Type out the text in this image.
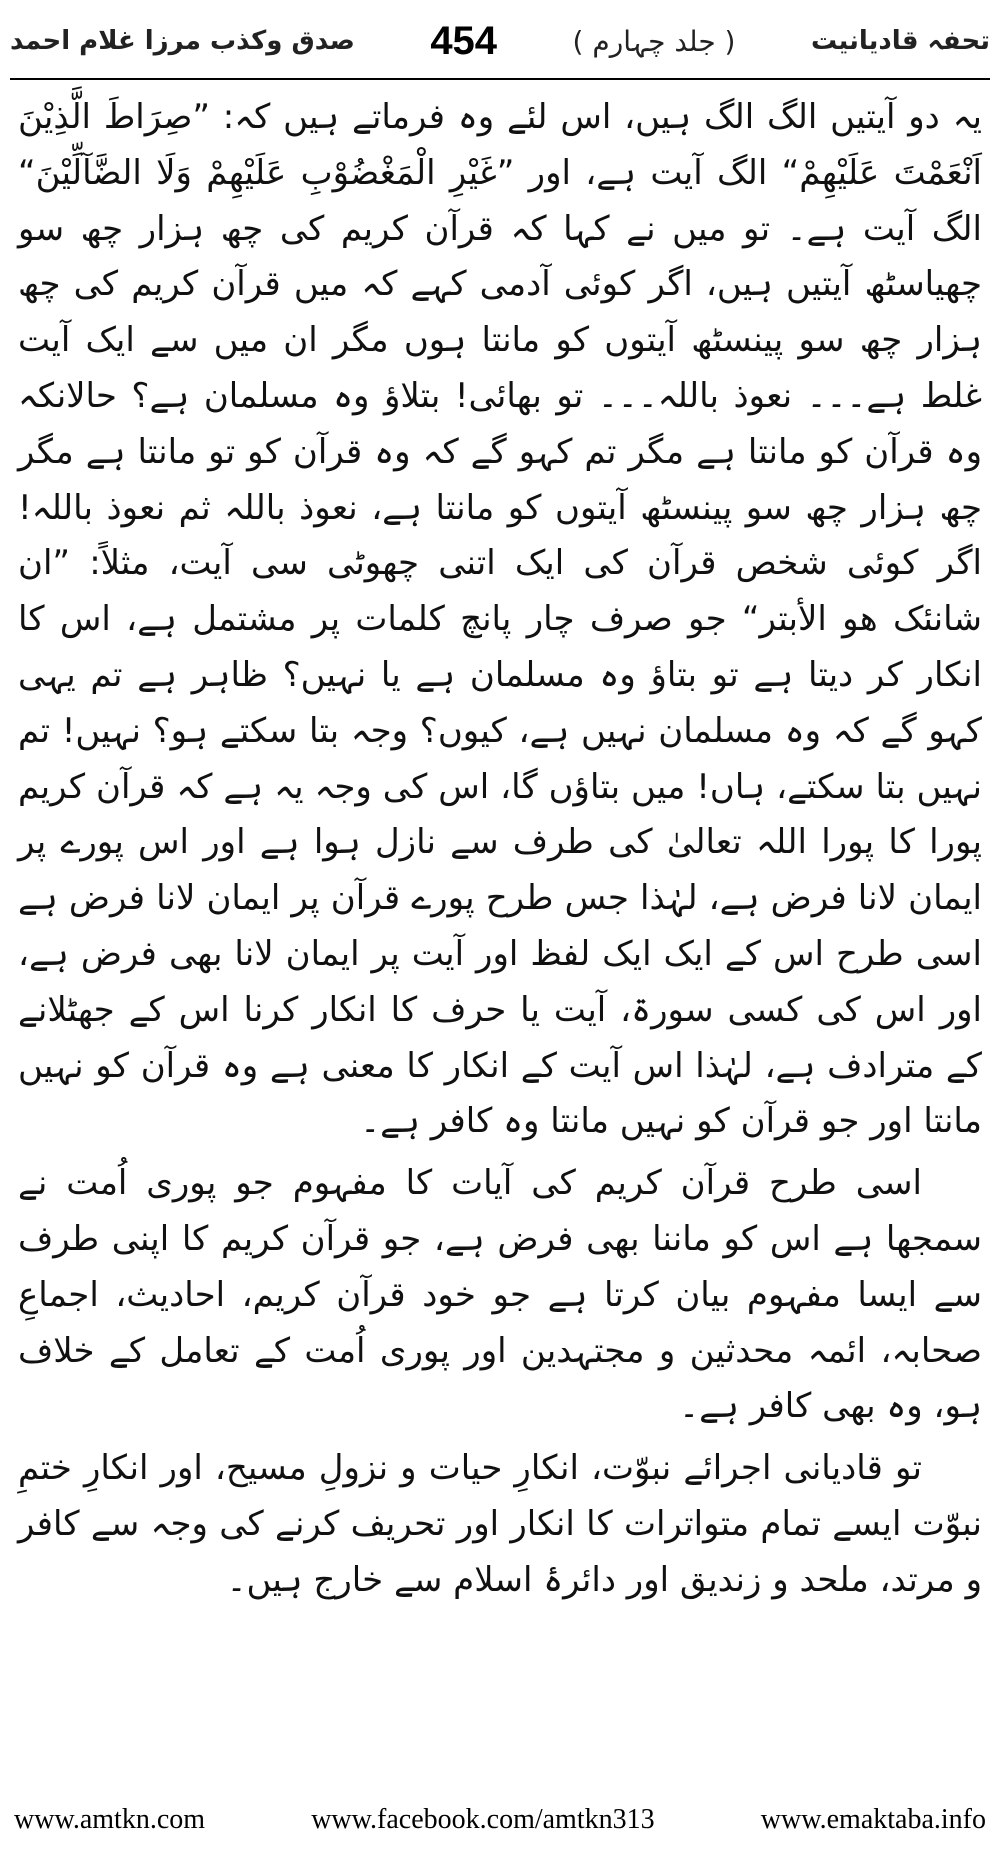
صدق وکذب مرزا غلام احمد 454	( جلد چہارم )	تحفہ قادیانیت

یہ دو آیتیں الگ الگ ہیں، اس لئے وہ فرماتے ہیں کہ: ”صِرَاطَ الَّذِیْنَ اَنْعَمْتَ عَلَیْھِمْ“ الگ آیت ہے، اور ”غَیْرِ الْمَغْضُوْبِ عَلَیْھِمْ وَلَا الضَّآلِّیْنَ“ الگ آیت ہے۔ تو میں نے کہا کہ قرآن کریم کی چھ ہزار چھ سو چھیاسٹھ آیتیں ہیں، اگر کوئی آدمی کہے کہ میں قرآن کریم کی چھ ہزار چھ سو پینسٹھ آیتوں کو مانتا ہوں مگر ان میں سے ایک آیت غلط ہے۔۔۔ نعوذ باللہ۔۔۔ تو بھائی! بتلاؤ وہ مسلمان ہے؟ حالانکہ وہ قرآن کو مانتا ہے مگر تم کہو گے کہ وہ قرآن کو تو مانتا ہے مگر چھ ہزار چھ سو پینسٹھ آیتوں کو مانتا ہے، نعوذ باللہ ثم نعوذ باللہ! اگر کوئی شخص قرآن کی ایک اتنی چھوٹی سی آیت، مثلاً: ”ان شانئک ھو الأبتر“ جو صرف چار پانچ کلمات پر مشتمل ہے، اس کا انکار کر دیتا ہے تو بتاؤ وہ مسلمان ہے یا نہیں؟ ظاہر ہے تم یہی کہو گے کہ وہ مسلمان نہیں ہے، کیوں؟ وجہ بتا سکتے ہو؟ نہیں! تم نہیں بتا سکتے، ہاں! میں بتاؤں گا، اس کی وجہ یہ ہے کہ قرآن کریم پورا کا پورا اللہ تعالیٰ کی طرف سے نازل ہوا ہے اور اس پورے پر ایمان لانا فرض ہے، لہٰذا جس طرح پورے قرآن پر ایمان لانا فرض ہے اسی طرح اس کے ایک ایک لفظ اور آیت پر ایمان لانا بھی فرض ہے، اور اس کی کسی سورۃ، آیت یا حرف کا انکار کرنا اس کے جھٹلانے کے مترادف ہے، لہٰذا اس آیت کے انکار کا معنی ہے وہ قرآن کو نہیں مانتا اور جو قرآن کو نہیں مانتا وہ کافر ہے۔

اسی طرح قرآن کریم کی آیات کا مفہوم جو پوری اُمت نے سمجھا ہے اس کو ماننا بھی فرض ہے، جو قرآن کریم کا اپنی طرف سے ایسا مفہوم بیان کرتا ہے جو خود قرآن کریم، احادیث، اجماعِ صحابہ، ائمہ محدثین و مجتہدین اور پوری اُمت کے تعامل کے خلاف ہو، وہ بھی کافر ہے۔

تو قادیانی اجرائے نبوّت، انکارِ حیات و نزولِ مسیح، اور انکارِ ختمِ نبوّت ایسے تمام متواترات کا انکار اور تحریف کرنے کی وجہ سے کافر و مرتد، ملحد و زندیق اور دائرۂ اسلام سے خارج ہیں۔

www.amtkn.com	www.facebook.com/amtkn313	www.emaktaba.info
